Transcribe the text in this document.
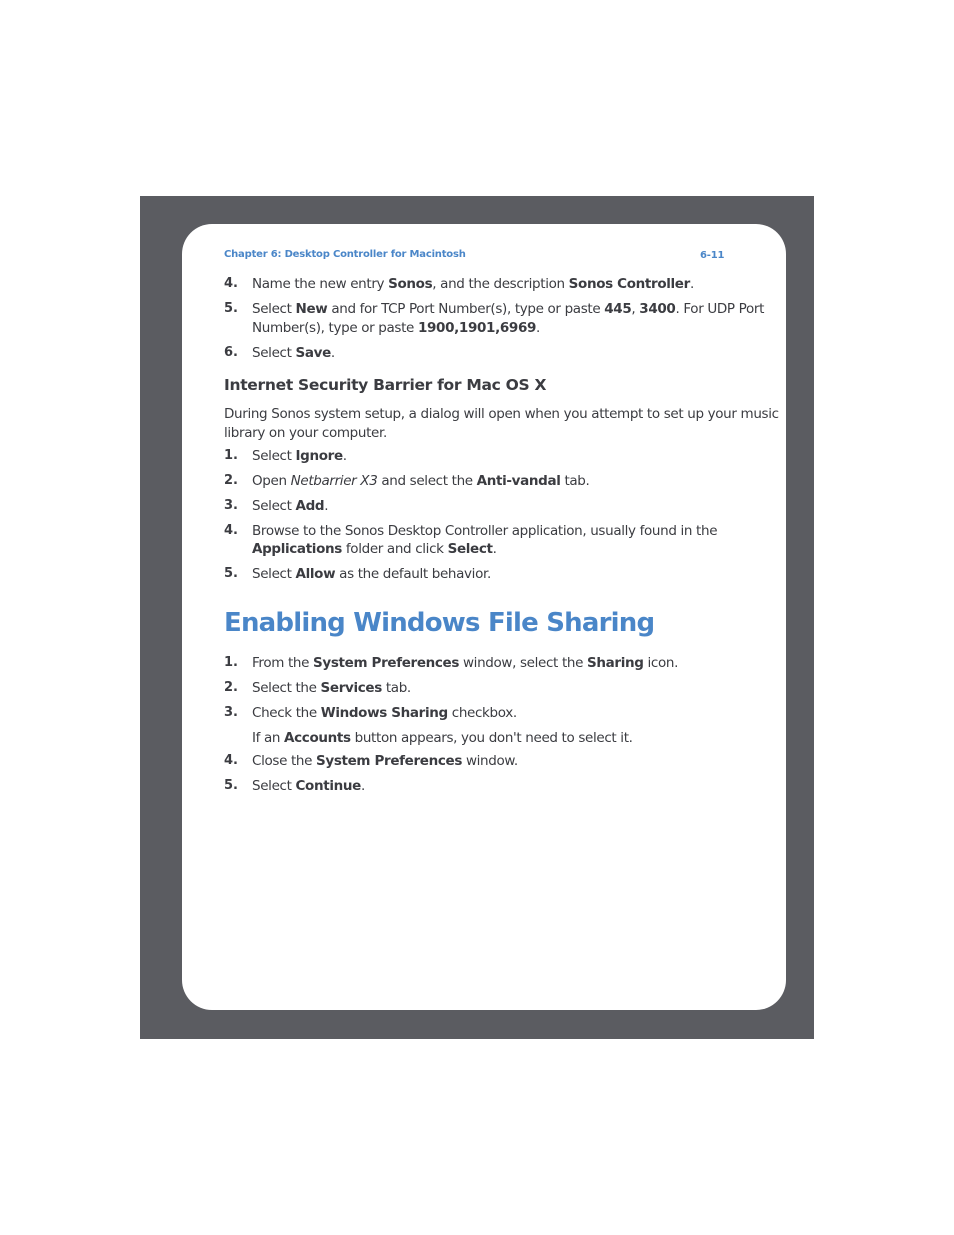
Chapter 6: Desktop Controller for Macintosh	6-11
4. Name the new entry Sonos, and the description Sonos Controller.
5. Select New and for TCP Port Number(s), type or paste 445, 3400. For UDP Port
Number(s), type or paste 1900,1901,6969.
6. Select Save.
Internet Security Barrier for Mac OS X
During Sonos system setup, a dialog will open when you attempt to set up your music
library on your computer.
1. Select Ignore.
2. Open Netbarrier X3 and select the Anti-vandal tab.
3. Select Add.
4. Browse to the Sonos Desktop Controller application, usually found in the
Applications folder and click Select.
5. Select Allow as the default behavior.
Enabling Windows File Sharing
1. From the System Preferences window, select the Sharing icon.
2. Select the Services tab.
3. Check the Windows Sharing checkbox.
If an Accounts button appears, you don't need to select it.
4. Close the System Preferences window.
5. Select Continue.
